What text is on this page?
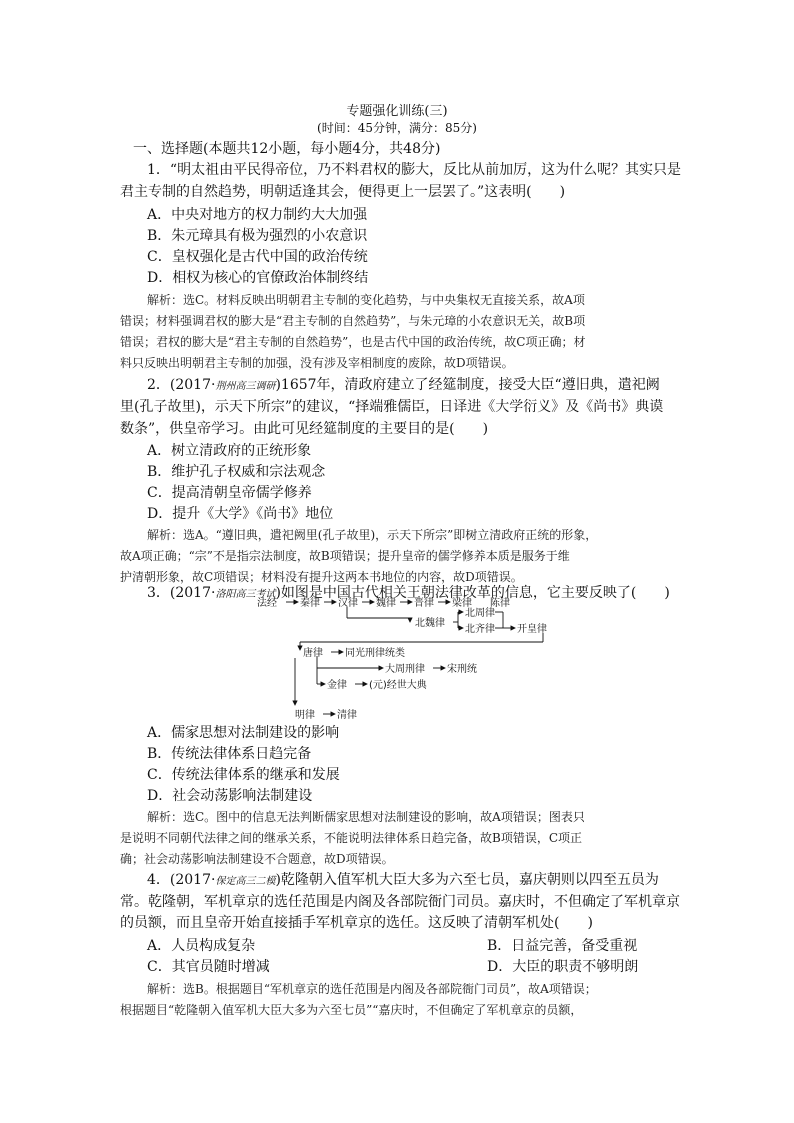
专题强化训练(三)
(时间：45分钟，满分：85分)
一、选择题(本题共12小题，每小题4分，共48分)
1．“明太祖由平民得帝位，乃不料君权的膨大，反比从前加厉，这为什么呢？其实只是
君主专制的自然趋势，明朝适逢其会，便得更上一层罢了。”这表明(　　)
A．中央对地方的权力制约大大加强
B．朱元璋具有极为强烈的小农意识
C．皇权强化是古代中国的政治传统
D．相权为核心的官僚政治体制终结
解析：选C。材料反映出明朝君主专制的变化趋势，与中央集权无直接关系，故A项
错误；材料强调君权的膨大是“君主专制的自然趋势”，与朱元璋的小农意识无关，故B项
错误；君权的膨大是“君主专制的自然趋势”，也是古代中国的政治传统，故C项正确；材
料只反映出明朝君主专制的加强，没有涉及宰相制度的废除，故D项错误。
2．(2017·荆州高三调研)1657年，清政府建立了经筵制度，接受大臣“遵旧典，遣祀阙
里(孔子故里)，示天下所宗”的建议，“择端雅儒臣，日译进《大学衍义》及《尚书》典谟
数条”，供皇帝学习。由此可见经筵制度的主要目的是(　　)
A．树立清政府的正统形象
B．维护孔子权威和宗法观念
C．提高清朝皇帝儒学修养
D．提升《大学》《尚书》地位
解析：选A。“遵旧典，遣祀阙里(孔子故里)，示天下所宗”即树立清政府正统的形象，
故A项正确；“宗”不是指宗法制度，故B项错误；提升皇帝的儒学修养本质是服务于维
护清朝形象，故C项错误；材料没有提升这两本书地位的内容，故D项错误。
3．(2017·洛阳高三考试)如图是中国古代相关王朝法律改革的信息，它主要反映了(　　)
法经 秦律 汉律 魏律 晋律 梁律 陈律
北魏律
北周律
北齐律 开皇律
唐律 同光刑律统类
大周刑律 宋刑统
金律 (元)经世大典
明律 清律
A．儒家思想对法制建设的影响
B．传统法律体系日趋完备
C．传统法律体系的继承和发展
D．社会动荡影响法制建设
解析：选C。图中的信息无法判断儒家思想对法制建设的影响，故A项错误；图表只
是说明不同朝代法律之间的继承关系，不能说明法律体系日趋完备，故B项错误，C项正
确；社会动荡影响法制建设不合题意，故D项错误。
4．(2017·保定高三二模)乾隆朝入值军机大臣大多为六至七员，嘉庆朝则以四至五员为
常。乾隆朝，军机章京的选任范围是内阁及各部院衙门司员。嘉庆时，不但确定了军机章京
的员额，而且皇帝开始直接插手军机章京的选任。这反映了清朝军机处(　　)
A．人员构成复杂	B．日益完善，备受重视
C．其官员随时增减	D．大臣的职责不够明朗
解析：选B。根据题目“军机章京的选任范围是内阁及各部院衙门司员”，故A项错误；
根据题目“乾隆朝入值军机大臣大多为六至七员”“嘉庆时，不但确定了军机章京的员额，
